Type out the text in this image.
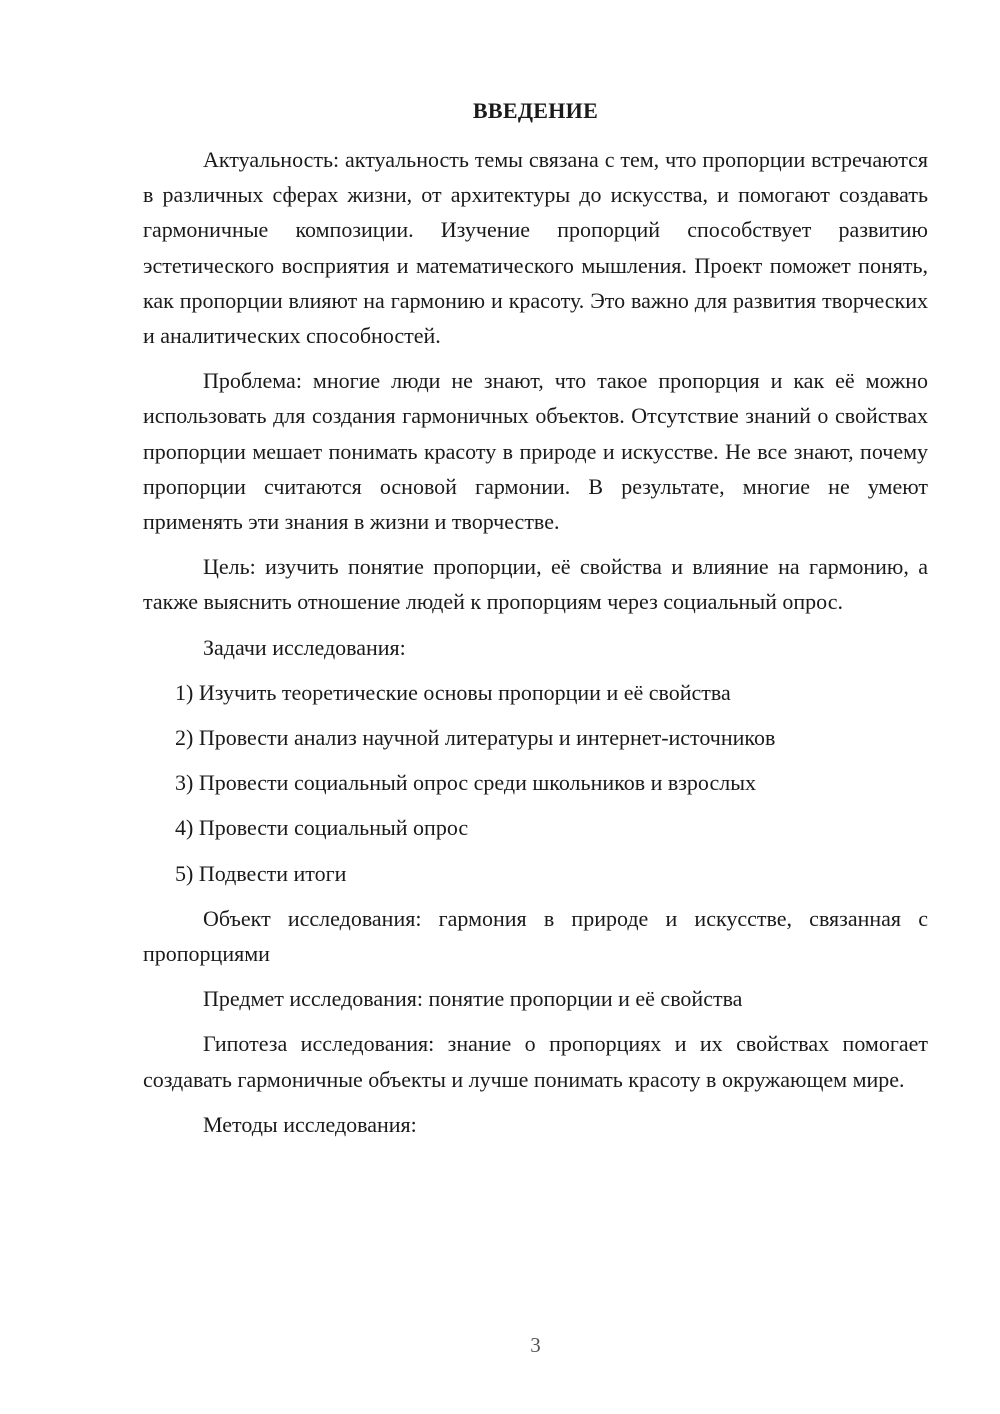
ВВЕДЕНИЕ

Актуальность: актуальность темы связана с тем, что пропорции встречаются в различных сферах жизни, от архитектуры до искусства, и помогают создавать гармоничные композиции. Изучение пропорций способствует развитию эстетического восприятия и математического мышления. Проект поможет понять, как пропорции влияют на гармонию и красоту. Это важно для развития творческих и аналитических способностей.

Проблема: многие люди не знают, что такое пропорция и как её можно использовать для создания гармоничных объектов. Отсутствие знаний о свойствах пропорции мешает понимать красоту в природе и искусстве. Не все знают, почему пропорции считаются основой гармонии. В результате, многие не умеют применять эти знания в жизни и творчестве.

Цель: изучить понятие пропорции, её свойства и влияние на гармонию, а также выяснить отношение людей к пропорциям через социальный опрос.

Задачи исследования:

1) Изучить теоретические основы пропорции и её свойства
2) Провести анализ научной литературы и интернет-источников
3) Провести социальный опрос среди школьников и взрослых
4) Провести социальный опрос
5) Подвести итоги

Объект исследования: гармония в природе и искусстве, связанная с пропорциями

Предмет исследования: понятие пропорции и её свойства

Гипотеза исследования: знание о пропорциях и их свойствах помогает создавать гармоничные объекты и лучше понимать красоту в окружающем мире.

Методы исследования:

3
